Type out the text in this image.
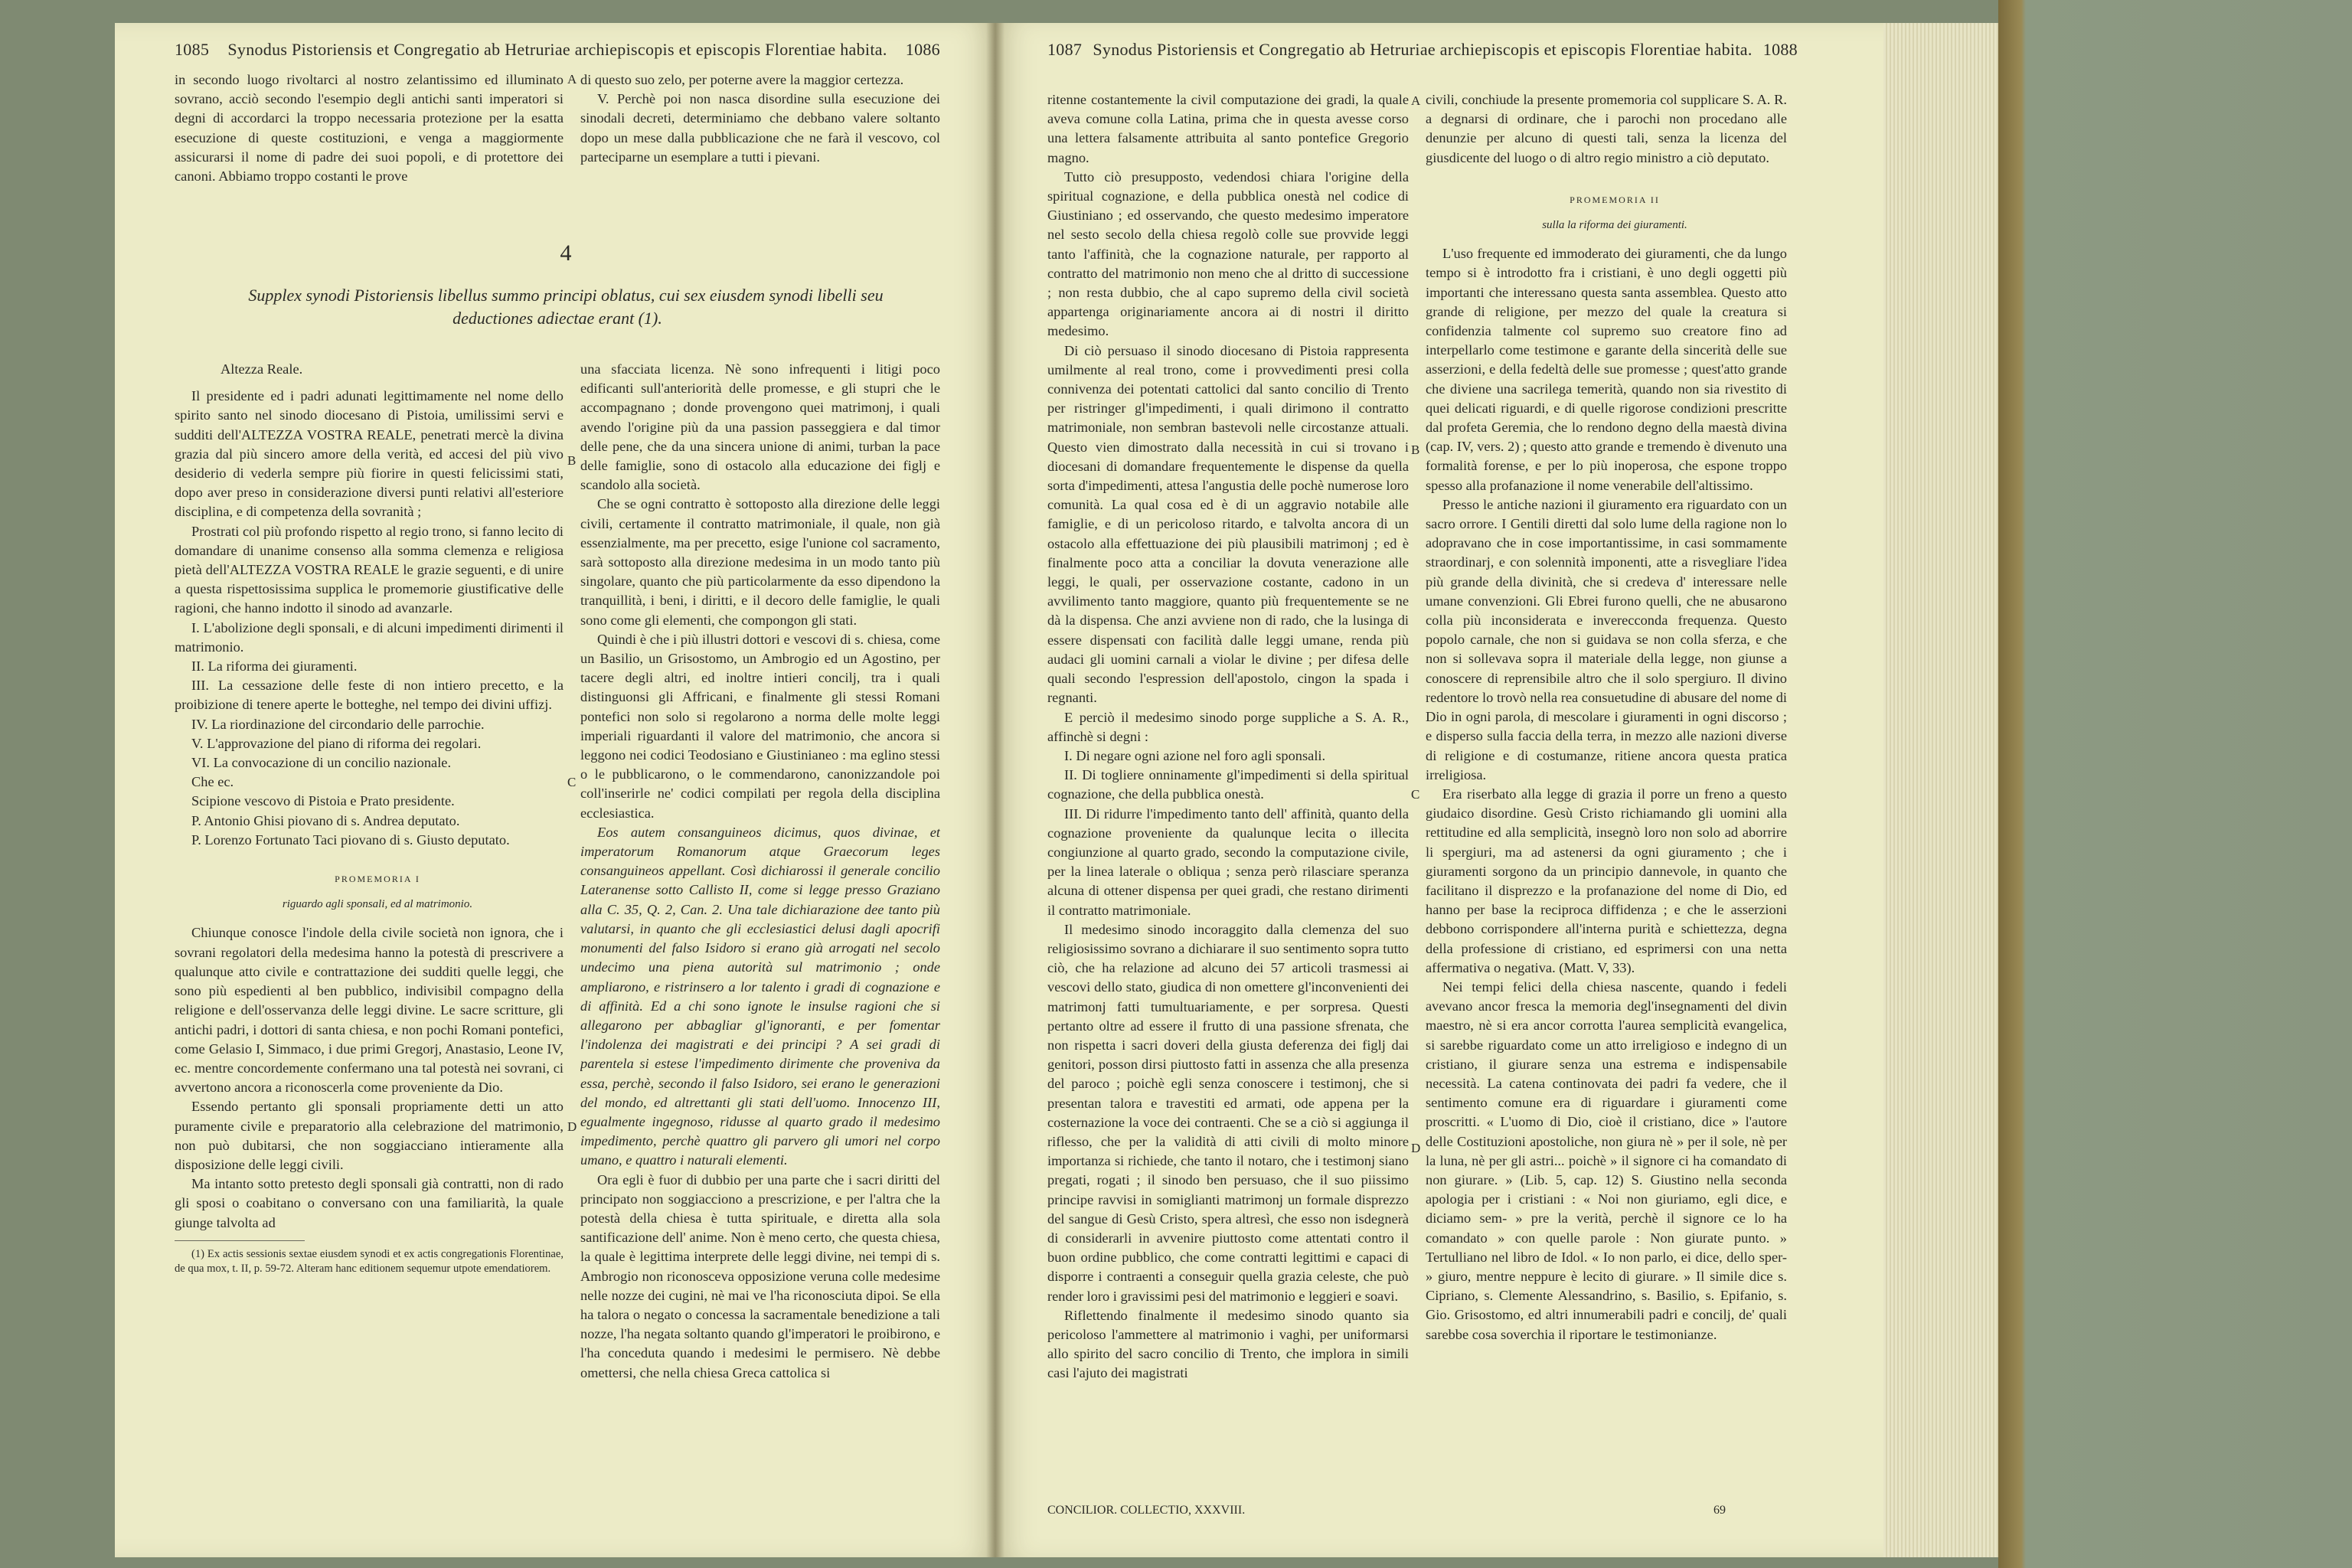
1085 Synodus Pistoriensis et Congregatio ab Hetruriae archiepiscopis et episcopis Florentiae habita. 1086

in secondo luogo rivoltarci al nostro zelantissimo ed illuminato sovrano, acciò secondo l'esempio degli antichi santi imperatori si degni di accordarci la troppo necessaria protezione per la esatta esecuzione di queste costituzioni, e venga a maggiormente assicurarsi il nome di padre dei suoi popoli, e di protettore dei canoni. Abbiamo troppo costanti le prove

di questo suo zelo, per poterne avere la maggior certezza.

V. Perchè poi non nasca disordine sulla esecuzione dei sinodali decreti, determiniamo che debbano valere soltanto dopo un mese dalla pubblicazione che ne farà il vescovo, col parteciparne un esemplare a tutti i pievani.

A

4

Supplex synodi Pistoriensis libellus summo principi oblatus, cui sex eiusdem synodi libelli seu deductiones adiectae erant (1).

Altezza Reale.

Il presidente ed i padri adunati legittimamente nel nome dello spirito santo nel sinodo diocesano di Pistoia, umilissimi servi e sudditi dell'ALTEZZA VOSTRA REALE, penetrati mercè la divina grazia dal più sincero amore della verità, ed accesi del più vivo desiderio di vederla sempre più fiorire in questi felicissimi stati, dopo aver preso in considerazione diversi punti relativi all'esteriore disciplina, e di competenza della sovranità ;

Prostrati col più profondo rispetto al regio trono, si fanno lecito di domandare di unanime consenso alla somma clemenza e religiosa pietà dell'ALTEZZA VOSTRA REALE le grazie seguenti, e di unire a questa rispettosissima supplica le promemorie giustificative delle ragioni, che hanno indotto il sinodo ad avanzarle.

I. L'abolizione degli sponsali, e di alcuni impedimenti dirimenti il matrimonio.

II. La riforma dei giuramenti.

III. La cessazione delle feste di non intiero precetto, e la proibizione di tenere aperte le botteghe, nel tempo dei divini uffizj.

IV. La riordinazione del circondario delle parrochie.

V. L'approvazione del piano di riforma dei regolari.

VI. La convocazione di un concilio nazionale.

Che ec.

Scipione vescovo di Pistoia e Prato presidente.

P. Antonio Ghisi piovano di s. Andrea deputato.

P. Lorenzo Fortunato Taci piovano di s. Giusto deputato.

PROMEMORIA I

riguardo agli sponsali, ed al matrimonio.

Chiunque conosce l'indole della civile società non ignora, che i sovrani regolatori della medesima hanno la potestà di prescrivere a qualunque atto civile e contrattazione dei sudditi quelle leggi, che sono più espedienti al ben pubblico, indivisibil compagno della religione e dell'osservanza delle leggi divine. Le sacre scritture, gli antichi padri, i dottori di santa chiesa, e non pochi Romani pontefici, come Gelasio I, Simmaco, i due primi Gregorj, Anastasio, Leone IV, ec. mentre concordemente confermano una tal potestà nei sovrani, ci avvertono ancora a riconoscerla come proveniente da Dio.

Essendo pertanto gli sponsali propriamente detti un atto puramente civile e preparatorio alla celebrazione del matrimonio, non può dubitarsi, che non soggiacciano intieramente alla disposizione delle leggi civili.

Ma intanto sotto pretesto degli sponsali già contratti, non di rado gli sposi o coabitano o conversano con una familiarità, la quale giunge talvolta ad

(1) Ex actis sessionis sextae eiusdem synodi et ex actis congregationis Florentinae, de qua mox, t. II, p. 59-72. Alteram hanc editionem sequemur utpote emendatiorem.

una sfacciata licenza. Nè sono infrequenti i litigi poco edificanti sull'anteriorità delle promesse, e gli stupri che le accompagnano ; donde provengono quei matrimonj, i quali avendo l'origine più da una passion passeggiera e dal timor delle pene, che da una sincera unione di animi, turban la pace delle famiglie, sono di ostacolo alla educazione dei figlj e scandolo alla società.

Che se ogni contratto è sottoposto alla direzione delle leggi civili, certamente il contratto matrimoniale, il quale, non già essenzialmente, ma per precetto, esige l'unione col sacramento, sarà sottoposto alla direzione medesima in un modo tanto più singolare, quanto che più particolarmente da esso dipendono la tranquillità, i beni, i diritti, e il decoro delle famiglie, le quali sono come gli elementi, che compongon gli stati.

Quindi è che i più illustri dottori e vescovi di s. chiesa, come un Basilio, un Grisostomo, un Ambrogio ed un Agostino, per tacere degli altri, ed inoltre intieri concilj, tra i quali distinguonsi gli Affricani, e finalmente gli stessi Romani pontefici non solo si regolarono a norma delle molte leggi imperiali riguardanti il valore del matrimonio, che ancora si leggono nei codici Teodosiano e Giustinianeo : ma eglino stessi o le pubblicarono, o le commendarono, canonizzandole poi coll'inserirle ne' codici compilati per regola della disciplina ecclesiastica.

Eos autem consanguineos dicimus, quos divinae, et imperatorum Romanorum atque Graecorum leges consanguineos appellant. Così dichiarossi il generale concilio Lateranense sotto Callisto II, come si legge presso Graziano alla C. 35, Q. 2, Can. 2. Una tale dichiarazione dee tanto più valutarsi, in quanto che gli ecclesiastici delusi dagli apocrifi monumenti del falso Isidoro si erano già arrogati nel secolo undecimo una piena autorità sul matrimonio ; onde ampliarono, e ristrinsero a lor talento i gradi di cognazione e di affinità. Ed a chi sono ignote le insulse ragioni che si allegarono per abbagliar gl'ignoranti, e per fomentar l'indolenza dei magistrati e dei principi ? A sei gradi di parentela si estese l'impedimento dirimente che proveniva da essa, perchè, secondo il falso Isidoro, sei erano le generazioni del mondo, ed altrettanti gli stati dell'uomo. Innocenzo III, egualmente ingegnoso, ridusse al quarto grado il medesimo impedimento, perchè quattro gli parvero gli umori nel corpo umano, e quattro i naturali elementi.

Ora egli è fuor di dubbio per una parte che i sacri diritti del principato non soggiacciono a prescrizione, e per l'altra che la potestà della chiesa è tutta spirituale, e diretta alla sola santificazione dell' anime. Non è meno certo, che questa chiesa, la quale è legittima interprete delle leggi divine, nei tempi di s. Ambrogio non riconosceva opposizione veruna colle medesime nelle nozze dei cugini, nè mai ve l'ha riconosciuta dipoi. Se ella ha talora o negato o concessa la sacramentale benedizione a tali nozze, l'ha negata soltanto quando gl'imperatori le proibirono, e l'ha conceduta quando i medesimi le permisero. Nè debbe omettersi, che nella chiesa Greca cattolica si

B
C
D
1087 Synodus Pistoriensis et Congregatio ab Hetruriae archiepiscopis et episcopis Florentiae habita. 1088

ritenne costantemente la civil computazione dei gradi, la quale aveva comune colla Latina, prima che in questa avesse corso una lettera falsamente attribuita al santo pontefice Gregorio magno.

Tutto ciò presupposto, vedendosi chiara l'origine della spiritual cognazione, e della pubblica onestà nel codice di Giustiniano ; ed osservando, che questo medesimo imperatore nel sesto secolo della chiesa regolò colle sue provvide leggi tanto l'affinità, che la cognazione naturale, per rapporto al contratto del matrimonio non meno che al dritto di successione ; non resta dubbio, che al capo supremo della civil società appartenga originariamente ancora ai di nostri il diritto medesimo.

Di ciò persuaso il sinodo diocesano di Pistoia rappresenta umilmente al real trono, come i provvedimenti presi colla connivenza dei potentati cattolici dal santo concilio di Trento per ristringer gl'impedimenti, i quali dirimono il contratto matrimoniale, non sembran bastevoli nelle circostanze attuali. Questo vien dimostrato dalla necessità in cui si trovano i diocesani di domandare frequentemente le dispense da quella sorta d'impedimenti, attesa l'angustia delle pochè numerose loro comunità. La qual cosa ed è di un aggravio notabile alle famiglie, e di un pericoloso ritardo, e talvolta ancora di un ostacolo alla effettuazione dei più plausibili matrimonj ; ed è finalmente poco atta a conciliar la dovuta venerazione alle leggi, le quali, per osservazione costante, cadono in un avvilimento tanto maggiore, quanto più frequentemente se ne dà la dispensa. Che anzi avviene non di rado, che la lusinga di essere dispensati con facilità dalle leggi umane, renda più audaci gli uomini carnali a violar le divine ; per difesa delle quali secondo l'espression dell'apostolo, cingon la spada i regnanti.

E perciò il medesimo sinodo porge suppliche a S. A. R., affinchè si degni :

I. Di negare ogni azione nel foro agli sponsali.

II. Di togliere onninamente gl'impedimenti si della spiritual cognazione, che della pubblica onestà.

III. Di ridurre l'impedimento tanto dell' affinità, quanto della cognazione proveniente da qualunque lecita o illecita congiunzione al quarto grado, secondo la computazione civile, per la linea laterale o obliqua ; senza però rilasciare speranza alcuna di ottener dispensa per quei gradi, che restano dirimenti il contratto matrimoniale.

Il medesimo sinodo incoraggito dalla clemenza del suo religiosissimo sovrano a dichiarare il suo sentimento sopra tutto ciò, che ha relazione ad alcuno dei 57 articoli trasmessi ai vescovi dello stato, giudica di non omettere gl'inconvenienti dei matrimonj fatti tumultuariamente, e per sorpresa. Questi pertanto oltre ad essere il frutto di una passione sfrenata, che non rispetta i sacri doveri della giusta deferenza dei figlj dai genitori, posson dirsi piuttosto fatti in assenza che alla presenza del paroco ; poichè egli senza conoscere i testimonj, che si presentan talora e travestiti ed armati, ode appena per la costernazione la voce dei contraenti. Che se a ciò si aggiunga il riflesso, che per la validità di atti civili di molto minore importanza si richiede, che tanto il notaro, che i testimonj siano pregati, rogati ; il sinodo ben persuaso, che il suo piissimo principe ravvisi in somiglianti matrimonj un formale disprezzo del sangue di Gesù Cristo, spera altresì, che esso non isdegnerà di considerarli in avvenire piuttosto come attentati contro il buon ordine pubblico, che come contratti legittimi e capaci di disporre i contraenti a conseguir quella grazia celeste, che può render loro i gravissimi pesi del matrimonio e leggieri e soavi.

Riflettendo finalmente il medesimo sinodo quanto sia pericoloso l'ammettere al matrimonio i vaghi, per uniformarsi allo spirito del sacro concilio di Trento, che implora in simili casi l'ajuto dei magistrati

A
B
C
D

civili, conchiude la presente promemoria col supplicare S. A. R. a degnarsi di ordinare, che i parochi non procedano alle denunzie per alcuno di questi tali, senza la licenza del giusdicente del luogo o di altro regio ministro a ciò deputato.

PROMEMORIA II

sulla la riforma dei giuramenti.

L'uso frequente ed immoderato dei giuramenti, che da lungo tempo si è introdotto fra i cristiani, è uno degli oggetti più importanti che interessano questa santa assemblea. Questo atto grande di religione, per mezzo del quale la creatura si confidenzia talmente col supremo suo creatore fino ad interpellarlo come testimone e garante della sincerità delle sue asserzioni, e della fedeltà delle sue promesse ; quest'atto grande che diviene una sacrilega temerità, quando non sia rivestito di quei delicati riguardi, e di quelle rigorose condizioni prescritte dal profeta Geremia, che lo rendono degno della maestà divina (cap. IV, vers. 2) ; questo atto grande e tremendo è divenuto una formalità forense, e per lo più inoperosa, che espone troppo spesso alla profanazione il nome venerabile dell'altissimo.

Presso le antiche nazioni il giuramento era riguardato con un sacro orrore. I Gentili diretti dal solo lume della ragione non lo adopravano che in cose importantissime, in casi sommamente straordinarj, e con solennità imponenti, atte a risvegliare l'idea più grande della divinità, che si credeva d' interessare nelle umane convenzioni. Gli Ebrei furono quelli, che ne abusarono colla più inconsiderata e inverecconda frequenza. Questo popolo carnale, che non si guidava se non colla sferza, e che non si sollevava sopra il materiale della legge, non giunse a conoscere di reprensibile altro che il solo spergiuro. Il divino redentore lo trovò nella rea consuetudine di abusare del nome di Dio in ogni parola, di mescolare i giuramenti in ogni discorso ; e disperso sulla faccia della terra, in mezzo alle nazioni diverse di religione e di costumanze, ritiene ancora questa pratica irreligiosa.

Era riserbato alla legge di grazia il porre un freno a questo giudaico disordine. Gesù Cristo richiamando gli uomini alla rettitudine ed alla semplicità, insegnò loro non solo ad aborrire li spergiuri, ma ad astenersi da ogni giuramento ; che i giuramenti sorgono da un principio dannevole, in quanto che facilitano il disprezzo e la profanazione del nome di Dio, ed hanno per base la reciproca diffidenza ; e che le asserzioni debbono corrispondere all'interna purità e schiettezza, degna della professione di cristiano, ed esprimersi con una netta affermativa o negativa. (Matt. V, 33).

Nei tempi felici della chiesa nascente, quando i fedeli avevano ancor fresca la memoria degl'insegnamenti del divin maestro, nè si era ancor corrotta l'aurea semplicità evangelica, si sarebbe riguardato come un atto irreligioso e indegno di un cristiano, il giurare senza una estrema e indispensabile necessità. La catena continovata dei padri fa vedere, che il sentimento comune era di riguardare i giuramenti come proscritti. « L'uomo di Dio, cioè il cristiano, dice » l'autore delle Costituzioni apostoliche, non giura nè » per il sole, nè per la luna, nè per gli astri... poichè » il signore ci ha comandato di non giurare. » (Lib. 5, cap. 12) S. Giustino nella seconda apologia per i cristiani : « Noi non giuriamo, egli dice, e diciamo sem- » pre la verità, perchè il signore ce lo ha comandato » con quelle parole : Non giurate punto. » Tertulliano nel libro de Idol. « Io non parlo, ei dice, dello sper- » giuro, mentre neppure è lecito di giurare. » Il simile dice s. Cipriano, s. Clemente Alessandrino, s. Basilio, s. Epifanio, s. Gio. Grisostomo, ed altri innumerabili padri e concilj, de' quali sarebbe cosa soverchia il riportare le testimonianze.

CONCILIOR. COLLECTIO, XXXVIII.	69
